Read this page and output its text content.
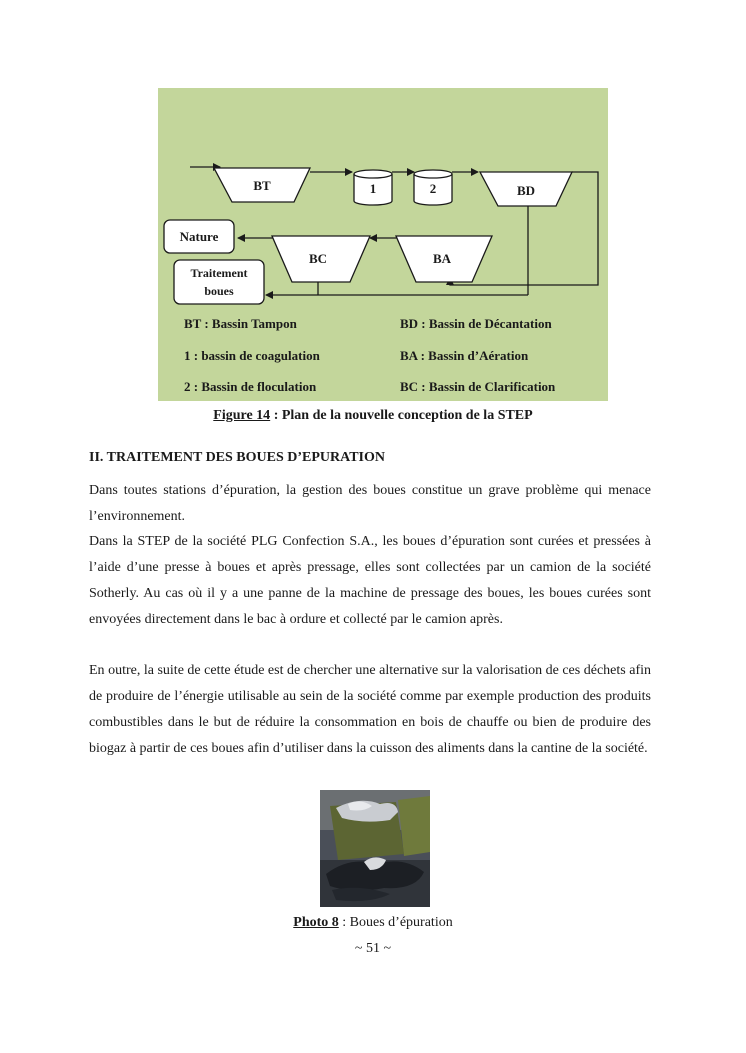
BT	1	2	BD
BC	BA
Nature
Traitement
boues
BT : Bassin Tampon	BD : Bassin de Décantation
1 : bassin de coagulation	BA : Bassin d’Aération
2 : Bassin de floculation	BC : Bassin de Clarification
Figure 14 : Plan de la nouvelle conception de la STEP
II. TRAITEMENT DES BOUES D’EPURATION

Dans toutes stations d’épuration, la gestion des boues constitue un grave problème qui menace l’environnement.

Dans la STEP de la société PLG Confection S.A., les boues d’épuration sont curées et pressées à l’aide d’une presse à boues et après pressage, elles sont collectées par un camion de la société Sotherly. Au cas où il y a une panne de la machine de pressage des boues, les boues curées sont envoyées directement dans le bac à ordure et collecté par le camion après.

En outre, la suite de cette étude est de chercher une alternative sur la valorisation de ces déchets afin de produire de l’énergie utilisable au sein de la société comme par exemple production des produits combustibles dans le but de réduire la consommation en bois de chauffe ou bien de produire des biogaz à partir de ces boues afin d’utiliser dans la cuisson des aliments dans la cantine de la société.

Photo 8 : Boues d’épuration
~ 51 ~
